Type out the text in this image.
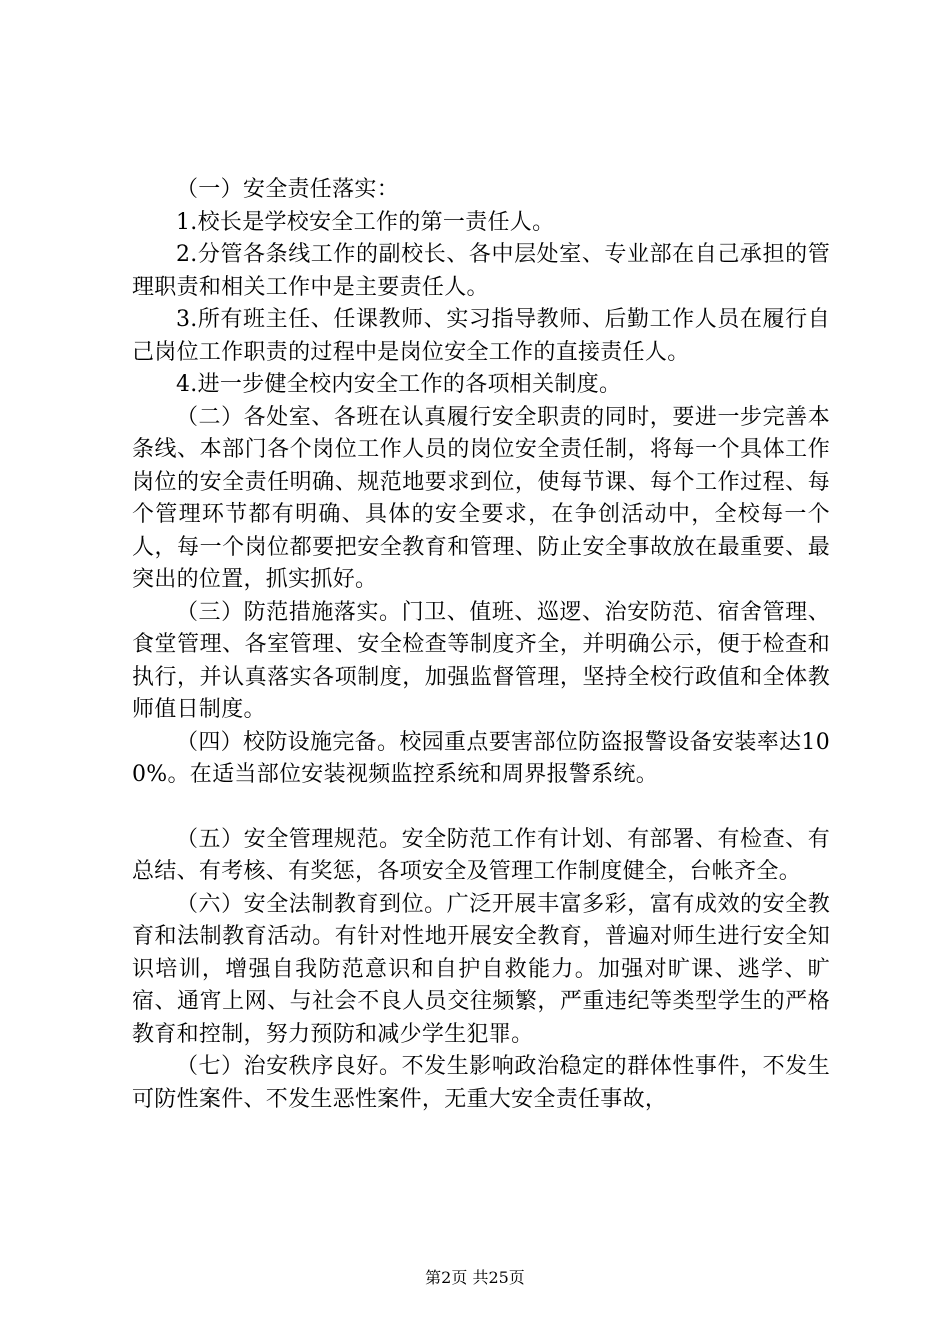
（一）安全责任落实：

1.校长是学校安全工作的第一责任人。

2.分管各条线工作的副校长、各中层处室、专业部在自己承担的管理职责和相关工作中是主要责任人。

3.所有班主任、任课教师、实习指导教师、后勤工作人员在履行自己岗位工作职责的过程中是岗位安全工作的直接责任人。

4.进一步健全校内安全工作的各项相关制度。

（二）各处室、各班在认真履行安全职责的同时，要进一步完善本条线、本部门各个岗位工作人员的岗位安全责任制，将每一个具体工作岗位的安全责任明确、规范地要求到位，使每节课、每个工作过程、每个管理环节都有明确、具体的安全要求，在争创活动中，全校每一个人，每一个岗位都要把安全教育和管理、防止安全事故放在最重要、最突出的位置，抓实抓好。

（三）防范措施落实。门卫、值班、巡逻、治安防范、宿舍管理、食堂管理、各室管理、安全检查等制度齐全，并明确公示，便于检查和执行，并认真落实各项制度，加强监督管理，坚持全校行政值和全体教师值日制度。

（四）校防设施完备。校园重点要害部位防盗报警设备安装率达100%。在适当部位安装视频监控系统和周界报警系统。

（五）安全管理规范。安全防范工作有计划、有部署、有检查、有总结、有考核、有奖惩，各项安全及管理工作制度健全，台帐齐全。

（六）安全法制教育到位。广泛开展丰富多彩，富有成效的安全教育和法制教育活动。有针对性地开展安全教育，普遍对师生进行安全知识培训，增强自我防范意识和自护自救能力。加强对旷课、逃学、旷宿、通宵上网、与社会不良人员交往频繁，严重违纪等类型学生的严格教育和控制，努力预防和减少学生犯罪。

（七）治安秩序良好。不发生影响政治稳定的群体性事件，不发生可防性案件、不发生恶性案件，无重大安全责任事故，

第2页 共25页
